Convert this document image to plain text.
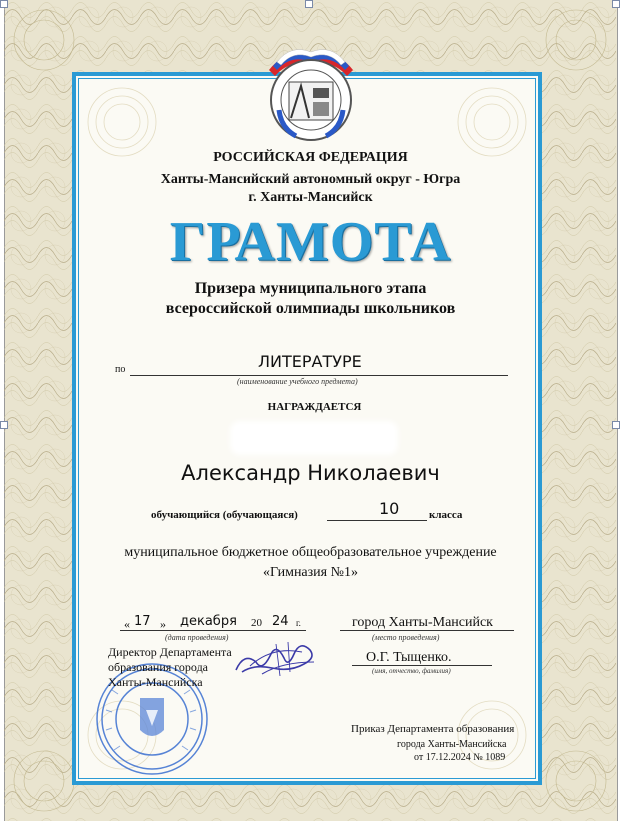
РОССИЙСКАЯ ФЕДЕРАЦИЯ
Ханты-Мансийский автономный округ - Югра
г. Ханты-Мансийск
ГРАМОТА
Призера муниципального этапа
всероссийской олимпиады школьников
по	ЛИТЕРАТУРЕ
(наименование учебного предмета)
НАГРАЖДАЕТСЯ
Александр Николаевич
обучающийся (обучающаяся)	10	класса
муниципальное бюджетное общеобразовательное учреждение
«Гимназия №1»
« 17 » декабря 20 24 г.
(дата проведения)
город Ханты-Мансийск
(место проведения)
Директор Департамента
образования города
Ханты-Мансийска
О.Г. Тыщенко.
(имя, отчество, фамилия)
Приказ Департамента образования
города Ханты-Мансийска
от 17.12.2024 № 1089
